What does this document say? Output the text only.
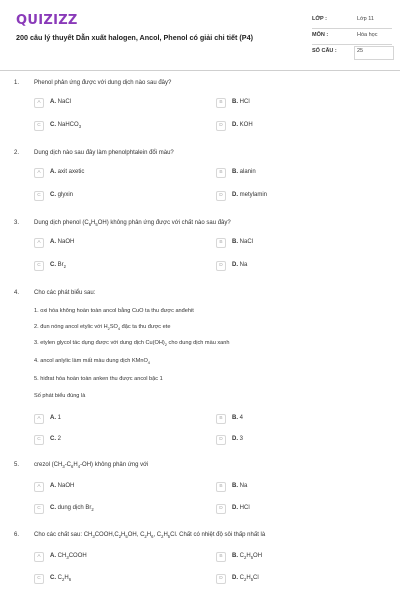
QUIZIZZ
200 câu lý thuyết Dẫn xuất halogen, Ancol, Phenol có giải chi tiết (P4)
LỚP :	Lớp 11
MÔN :	Hóa học
SỐ CÂU :	25
1. Phenol phản ứng được với dung dịch nào sau đây?
A	A. NaCl	B	B. HCl
C	C. NaHCO$_3$	D	D. KOH
2. Dung dịch nào sau đây làm phenolphtalein đổi màu?
A	A. axit axetic	B	B. alanin
C	C. glyxin	D	D. metylamin
3. Dung dịch phenol $(C_6H_5OH)$ không phản ứng được với chất nào sau đây?
A	A. NaOH	B	B. NaCl
C	C. $Br_2$	D	D. Na
4. Cho các phát biểu sau:
1. oxi hóa không hoàn toàn ancol bằng CuO ta thu được anđehit
2. đun nóng ancol etylic với $H_2SO_4$ đặc ta thu được ete
3. etylen glycol tác dụng được với dung dịch $Cu(OH)_2$ cho dung dịch màu xanh
4. ancol anlylic làm mất màu dung dịch KMnO$_4$
5. hiđrat hóa hoàn toàn anken thu được ancol bậc 1
Số phát biểu đúng là
A	A. 1	B	B. 4
C	C. 2	D	D. 3
5. crezol $(CH_3-C_6H_4-OH)$ không phản ứng với
A	A. NaOH	B	B. Na
C	C. dung dịch $Br_2$	D	D. HCl
6. Cho các chất sau: $CH_3COOH,C_2H_5OH$, $C_2H_6$, $C_2H_5Cl$. Chất có nhiệt độ sôi thấp nhất là
A	A. $CH_3COOH$	B	B. $C_2H_5OH$
C	C. $C_2H_6$	D	D. $C_2H_5Cl$
